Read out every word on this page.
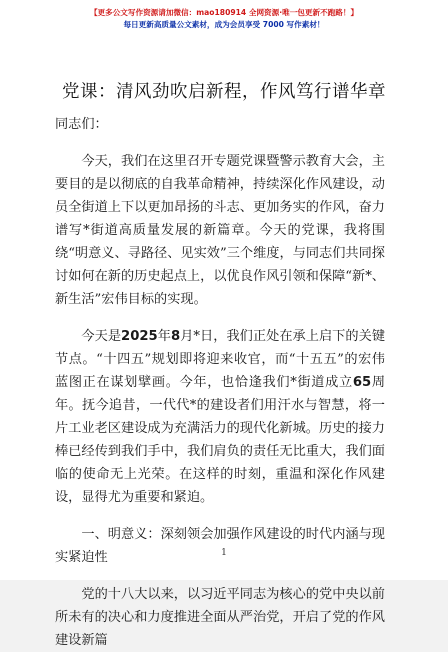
【更多公文写作资源请加微信：mao180914 全网资源·唯一包更新不跑路！】
每日更新高质量公文素材，成为会员享受 7000 写作素材！
党课：清风劲吹启新程，作风笃行谱华章

同志们：

今天，我们在这里召开专题党课暨警示教育大会，主要目的是以彻底的自我革命精神，持续深化作风建设，动员全街道上下以更加昂扬的斗志、更加务实的作风，奋力谱写*街道高质量发展的新篇章。今天的党课，我将围绕“明意义、寻路径、见实效”三个维度，与同志们共同探讨如何在新的历史起点上，以优良作风引领和保障“新*、新生活”宏伟目标的实现。

今天是2025年8月*日，我们正处在承上启下的关键节点。“十四五”规划即将迎来收官，而“十五五”的宏伟蓝图正在谋划擘画。今年，也恰逢我们*街道成立65周年。抚今追昔，一代代*的建设者们用汗水与智慧，将一片工业老区建设成为充满活力的现代化新城。历史的接力棒已经传到我们手中，我们肩负的责任无比重大，我们面临的使命无上光荣。在这样的时刻，重温和深化作风建设，显得尤为重要和紧迫。

一、明意义：深刻领会加强作风建设的时代内涵与现实紧迫性

党的十八大以来，以习近平同志为核心的党中央以前所未有的决心和力度推进全面从严治党，开启了党的作风建设新篇

1
